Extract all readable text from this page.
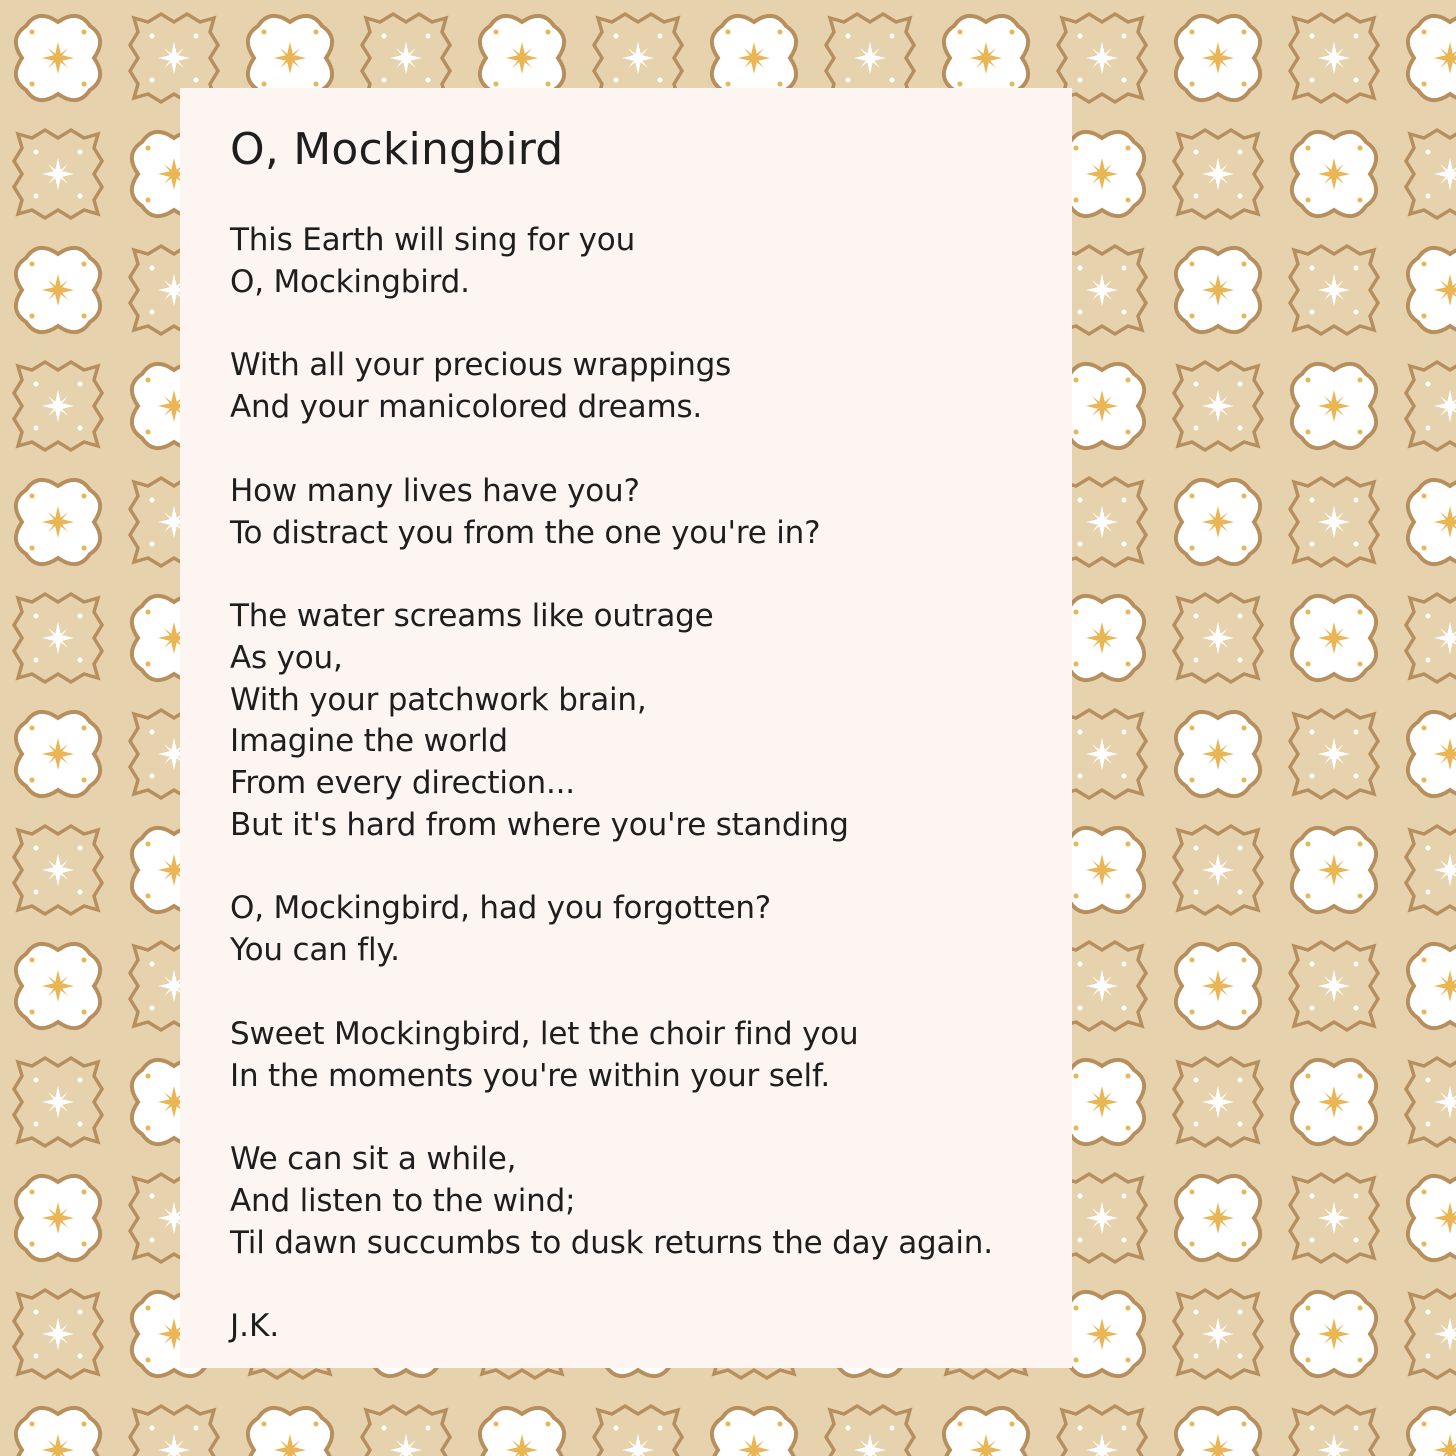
O, Mockingbird
This Earth will sing for you
O, Mockingbird.
With all your precious wrappings
And your manicolored dreams.
How many lives have you?
To distract you from the one you're in?
The water screams like outrage
As you,
With your patchwork brain,
Imagine the world
From every direction...
But it's hard from where you're standing
O, Mockingbird, had you forgotten?
You can fly.
Sweet Mockingbird, let the choir find you
In the moments you're within your self.
We can sit a while,
And listen to the wind;
Til dawn succumbs to dusk returns the day again.
J.K.
